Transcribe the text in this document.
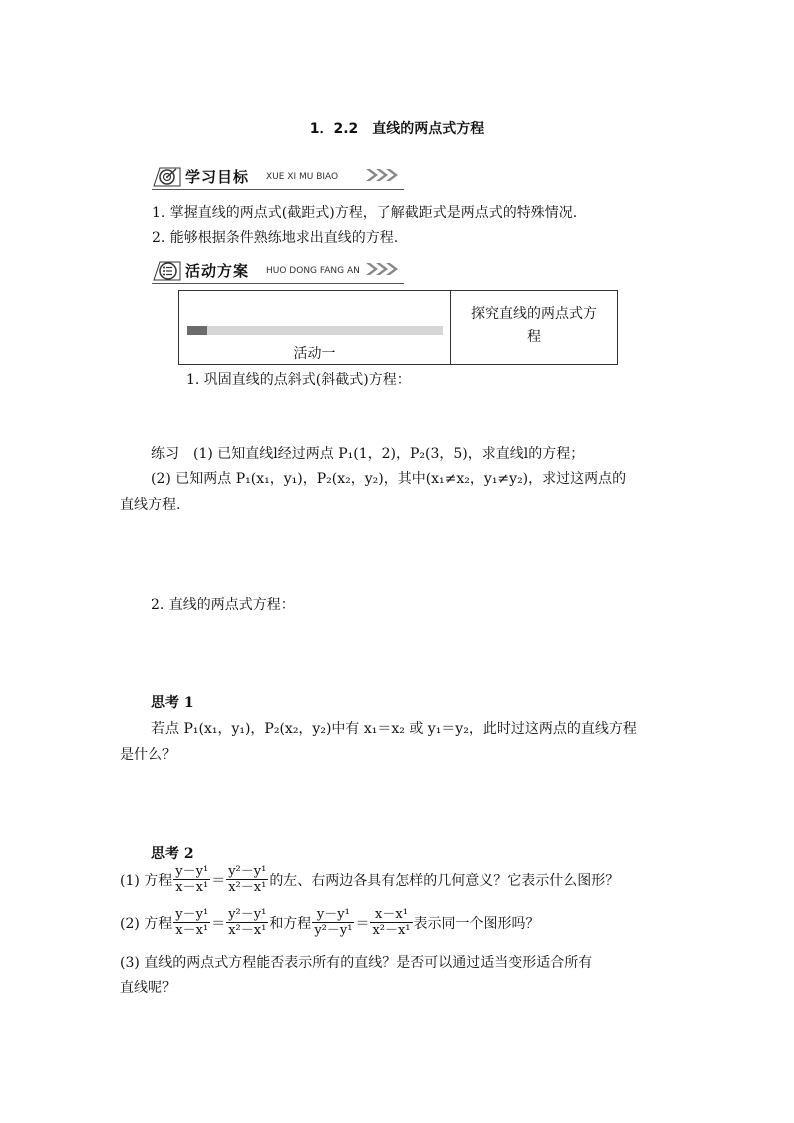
1．2.2　直线的两点式方程
学习目标 XUE XI MU BIAO
1. 掌握直线的两点式(截距式)方程，了解截距式是两点式的特殊情况.
2. 能够根据条件熟练地求出直线的方程.
活动方案 HUO DONG FANG AN
活动一
探究直线的两点式方
程
1. 巩固直线的点斜式(斜截式)方程：
练习 (1) 已知直线l经过两点 P₁(1，2)，P₂(3，5)，求直线l的方程；
(2) 已知两点 P₁(x₁，y₁)，P₂(x₂，y₂)，其中(x₁≠x₂，y₁≠y₂)，求过这两点的
直线方程.
2. 直线的两点式方程：
思考 1
若点 P₁(x₁，y₁)，P₂(x₂，y₂)中有 x₁＝x₂ 或 y₁＝y₂，此时过这两点的直线方程
是什么？
思考 2
(1) 方程 $\frac{\text{y－y¹}}{\text{x－x¹}} = \frac{\text{y²－y¹}}{\text{x²－x¹}}$ 的左、右两边各具有怎样的几何意义？它表示什么图形？
(2) 方程 $\frac{\text{y－y¹}}{\text{x－x¹}} = \frac{\text{y²－y¹}}{\text{x²－x¹}}$ 和方程 $\frac{\text{y－y¹}}{\text{y²－y¹}} = \frac{\text{x－x¹}}{\text{x²－x¹}}$ 表示同一个图形吗？
(3) 直线的两点式方程能否表示所有的直线？是否可以通过适当变形适合所有
直线呢？
